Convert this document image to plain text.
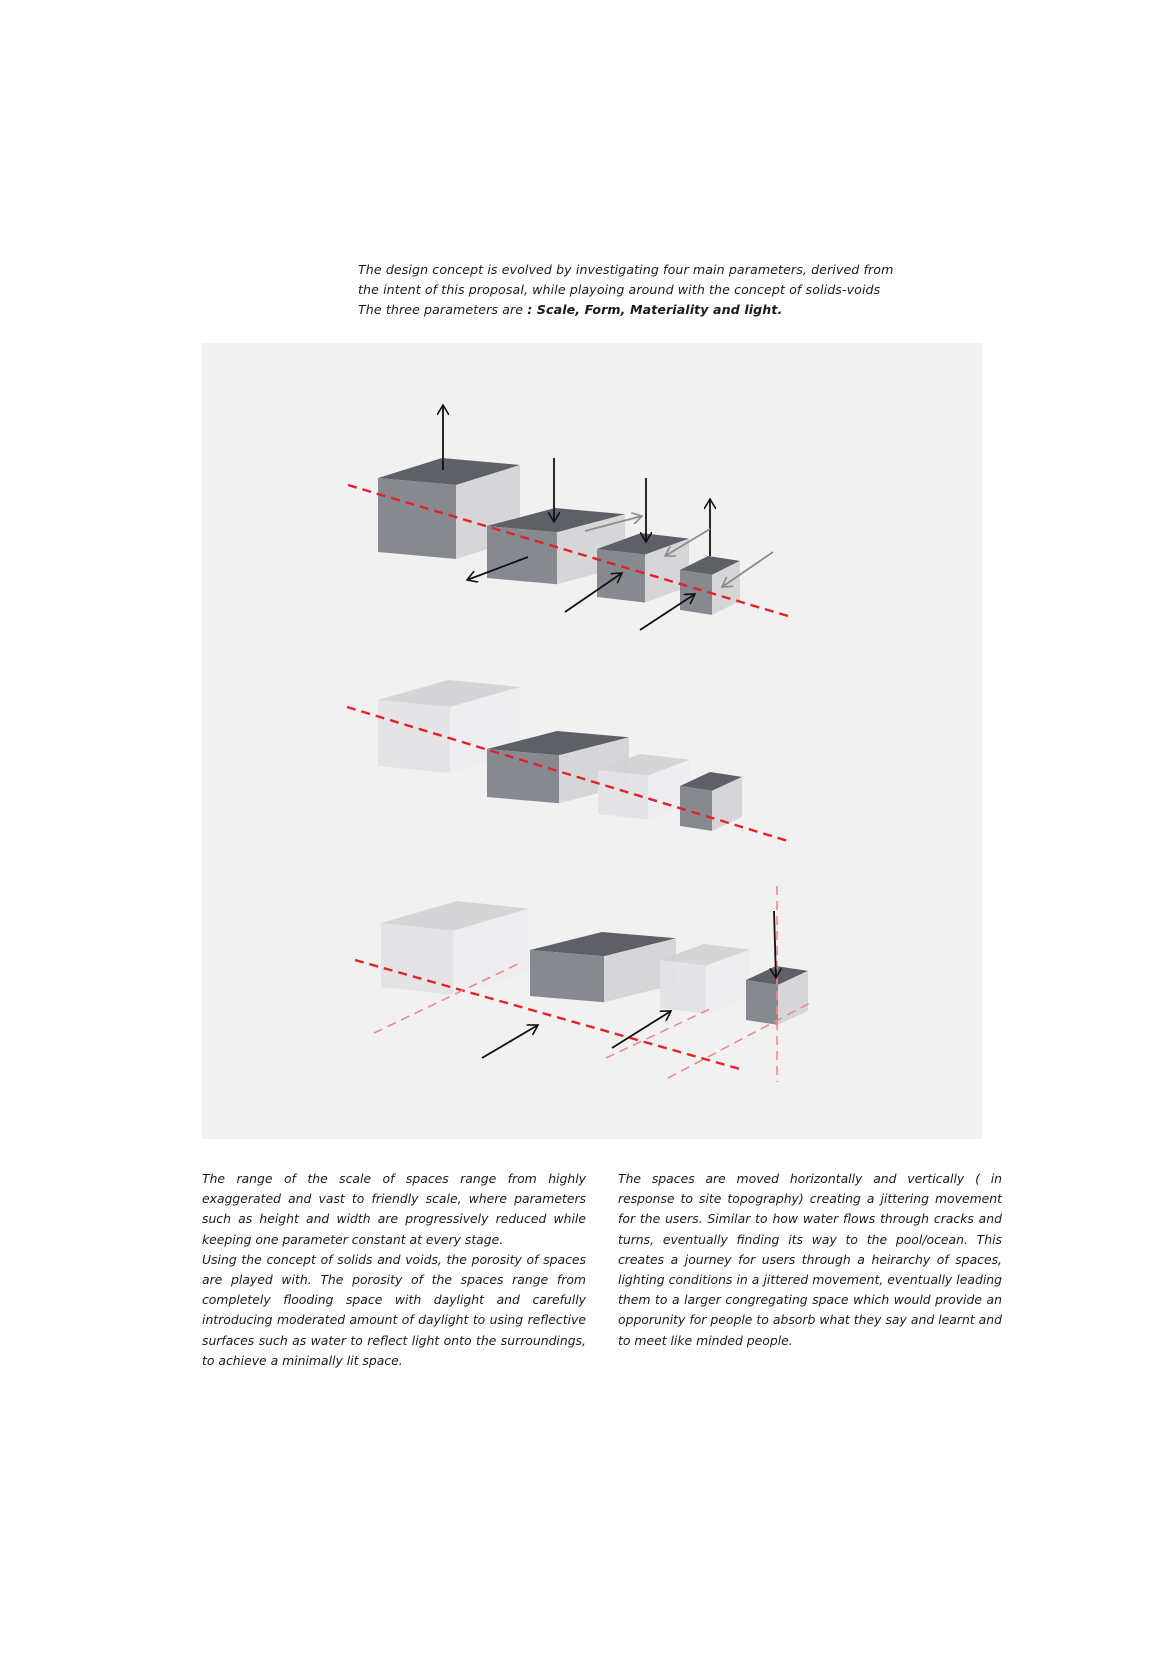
The design concept is evolved by investigating four main parameters, derived from

the intent of this proposal, while playoing around with the concept of solids-voids

The three parameters are : Scale, Form, Materiality and light.

The range of the scale of spaces range from highly exaggerated and vast to friendly scale, where parameters such as height and width are progressively reduced while keeping one parameter constant at every stage.

Using the concept of solids and voids, the porosity of spaces are played with. The porosity of the spaces range from completely flooding space with daylight and carefully introducing moderated amount of daylight to using reflective surfaces such as water to reflect light onto the surroundings, to achieve a minimally lit space.

The spaces are moved horizontally and vertically ( in response to site topography) creating a jittering movement for the users. Similar to how water flows through cracks and turns, eventually finding its way to the pool/ocean. This creates a journey for users through a heirarchy of spaces, lighting conditions in a jittered movement, eventually leading them to a larger congregating space which would provide an opporunity for people to absorb what they say and learnt and to meet like minded people.
